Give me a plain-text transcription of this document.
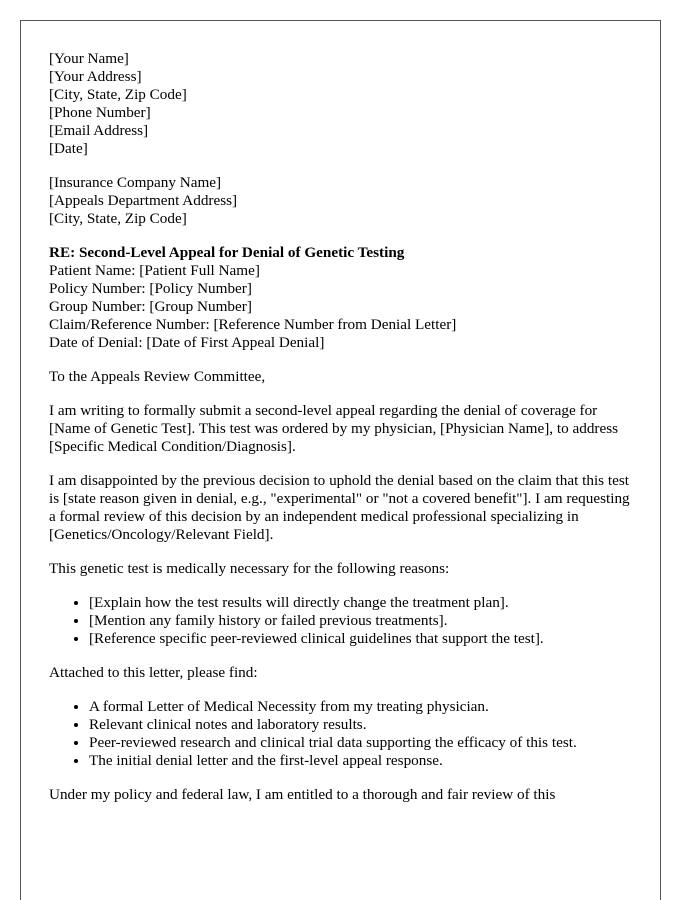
[Your Name]
[Your Address]
[City, State, Zip Code]
[Phone Number]
[Email Address]
[Date]
[Insurance Company Name]
[Appeals Department Address]
[City, State, Zip Code]
RE: Second-Level Appeal for Denial of Genetic Testing
Patient Name: [Patient Full Name]
Policy Number: [Policy Number]
Group Number: [Group Number]
Claim/Reference Number: [Reference Number from Denial Letter]
Date of Denial: [Date of First Appeal Denial]

To the Appeals Review Committee,

I am writing to formally submit a second-level appeal regarding the denial of coverage for [Name of Genetic Test]. This test was ordered by my physician, [Physician Name], to address [Specific Medical Condition/Diagnosis].

I am disappointed by the previous decision to uphold the denial based on the claim that this test is [state reason given in denial, e.g., "experimental" or "not a covered benefit"]. I am requesting a formal review of this decision by an independent medical professional specializing in [Genetics/Oncology/Relevant Field].

This genetic test is medically necessary for the following reasons:

• [Explain how the test results will directly change the treatment plan].
• [Mention any family history or failed previous treatments].
• [Reference specific peer-reviewed clinical guidelines that support the test].

Attached to this letter, please find:

• A formal Letter of Medical Necessity from my treating physician.
• Relevant clinical notes and laboratory results.
• Peer-reviewed research and clinical trial data supporting the efficacy of this test.
• The initial denial letter and the first-level appeal response.

Under my policy and federal law, I am entitled to a thorough and fair review of this
